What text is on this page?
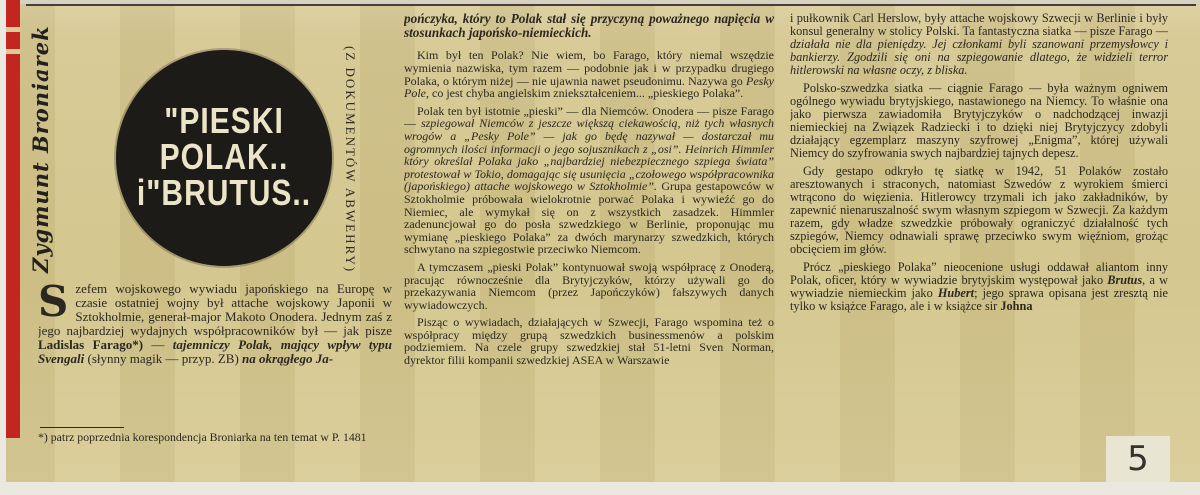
Zygmunt Broniarek	"PIESKI
POLAK..
i"BRUTUS.. (Z DOKUMENTÓW ABWEHRY)

Szefem wojskowego wywiadu japońskiego na Europę w czasie ostatniej wojny był attache wojskowy Japonii w Sztokholmie, generał-major Makoto Onodera. Jednym zaś z jego najbardziej wydajnych współpracowników był — jak pisze Ladislas Farago*) — tajemniczy Polak, mający wpływ typu Svengali (słynny magik — przyp. ZB) na okrągłego Ja-

*) patrz poprzednia korespondencja Broniarka na ten temat w P. 1481

pończyka, który to Polak stał się przyczyną poważnego napięcia w stosunkach japońsko-niemieckich.

Kim był ten Polak? Nie wiem, bo Farago, który niemal wszędzie wymienia nazwiska, tym razem — podobnie jak i w przypadku drugiego Polaka, o którym niżej — nie ujawnia nawet pseudonimu. Nazywa go Pesky Pole, co jest chyba angielskim zniekształceniem... „pieskiego Polaka”.

Polak ten był istotnie „pieski” — dla Niemców. Onodera — pisze Farago — szpiegował Niemców z jeszcze większą ciekawością, niż tych własnych wrogów a „Pesky Pole” — jak go będę nazywał — dostarczał mu ogromnych ilości informacji o jego sojusznikach z „osi”. Heinrich Himmler który określał Polaka jako „najbardziej niebezpiecznego szpiega świata” protestował w Tokio, domagając się usunięcia „czołowego współpracownika (japońskiego) attache wojskowego w Sztokholmie”. Grupa gestapowców w Sztokholmie próbowała wielokrotnie porwać Polaka i wywieźć go do Niemiec, ale wymykał się on z wszystkich zasadzek. Himmler zadenuncjował go do posła szwedzkiego w Berlinie, proponując mu wymianę „pieskiego Polaka” za dwóch marynarzy szwedzkich, których schwytano na szpiegostwie przeciwko Niemcom.

A tymczasem „pieski Polak” kontynuował swoją współpracę z Onoderą, pracując równocześnie dla Brytyjczyków, którzy używali go do przekazywania Niemcom (przez Japończyków) fałszywych danych wywiadowczych.

Pisząc o wywiadach, działających w Szwecji, Farago wspomina też o współpracy między grupą szwedzkich businessmenów a polskim podziemiem. Na czele grupy szwedzkiej stał 51-letni Sven Norman, dyrektor filii kompanii szwedzkiej ASEA w Warszawie

i pułkownik Carl Herslow, były attache wojskowy Szwecji w Berlinie i były konsul generalny w stolicy Polski. Ta fantastyczna siatka — pisze Farago — działała nie dla pieniędzy. Jej członkami byli szanowani przemysłowcy i bankierzy. Zgodzili się oni na szpiegowanie dlatego, że widzieli terror hitlerowski na własne oczy, z bliska.

Polsko-szwedzka siatka — ciągnie Farago — była ważnym ogniwem ogólnego wywiadu brytyjskiego, nastawionego na Niemcy. To właśnie ona jako pierwsza zawiadomiła Brytyjczyków o nadchodzącej inwazji niemieckiej na Związek Radziecki i to dzięki niej Brytyjczycy zdobyli działający egzemplarz maszyny szyfrowej „Enigma”, której używali Niemcy do szyfrowania swych najbardziej tajnych depesz.

Gdy gestapo odkryło tę siatkę w 1942, 51 Polaków zostało aresztowanych i straconych, natomiast Szwedów z wyrokiem śmierci wtrącono do więzienia. Hitlerowcy trzymali ich jako zakładników, by zapewnić nienaruszalność swym własnym szpiegom w Szwecji. Za każdym razem, gdy władze szwedzkie próbowały ograniczyć działalność tych szpiegów, Niemcy odnawiali sprawę przeciwko swym więźniom, grożąc obcięciem im głów.

Prócz „pieskiego Polaka” nieocenione usługi oddawał aliantom inny Polak, oficer, który w wywiadzie brytyjskim występował jako Brutus, a w wywiadzie niemieckim jako Hubert; jego sprawa opisana jest zresztą nie tylko w książce Farago, ale i w książce sir Johna

5
